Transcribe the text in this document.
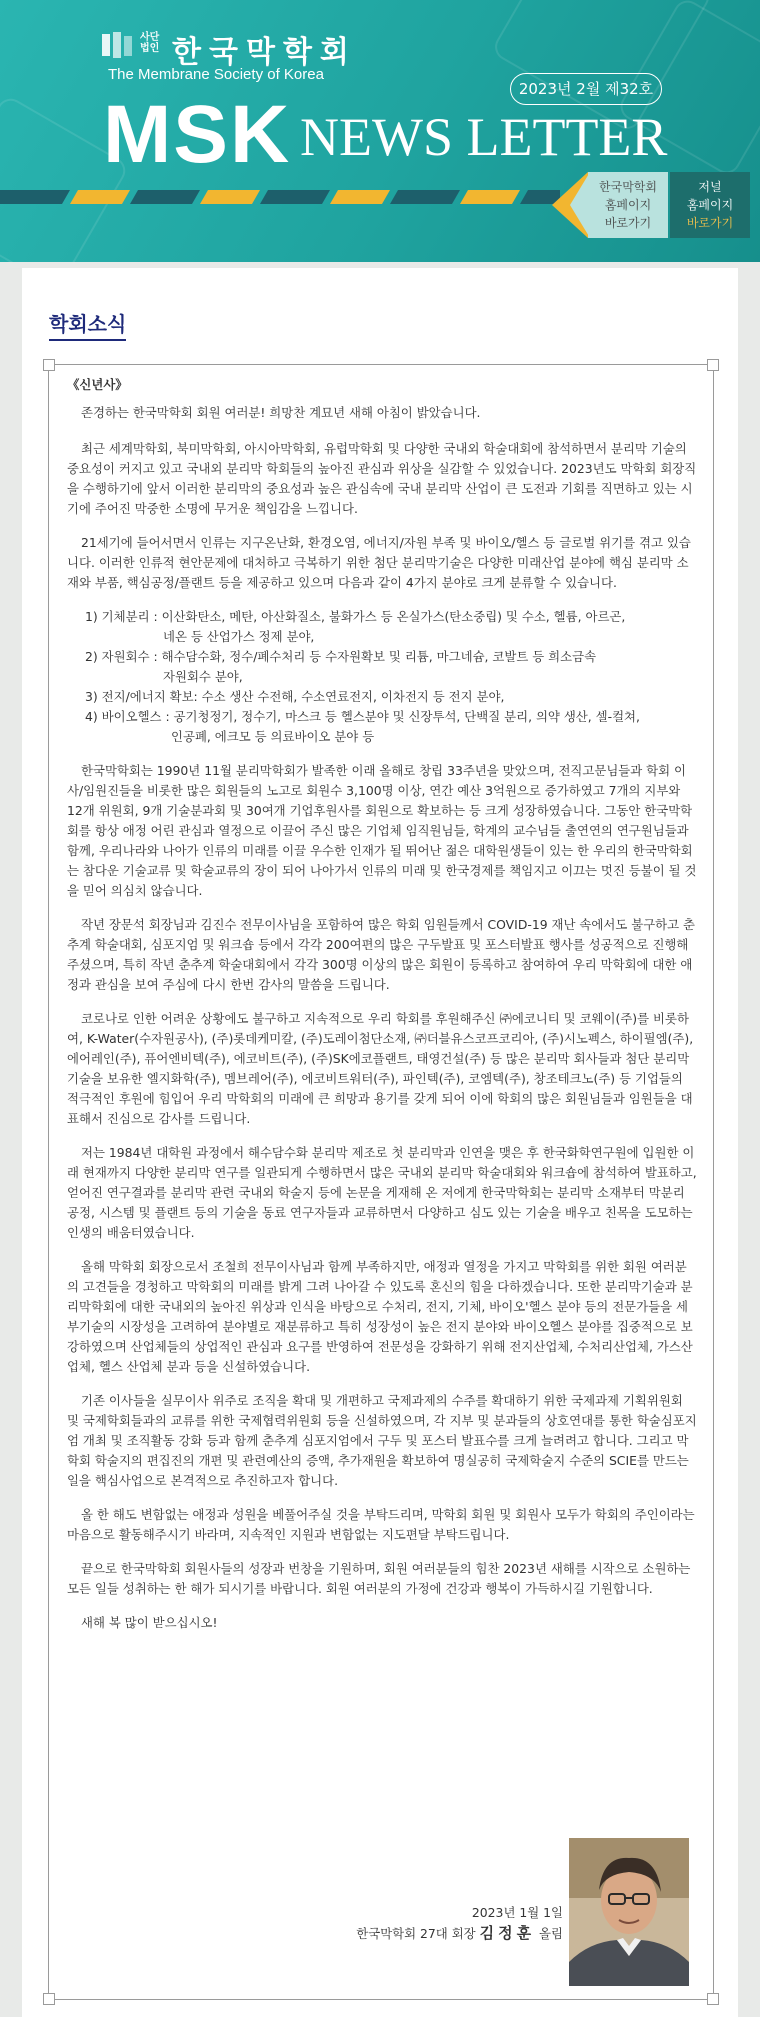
사단
법인 한국막학회
The Membrane Society of Korea
2023년 2월 제32호
MSK NEWS LETTER
한국막학회
홈페이지
바로가기
저널
홈페이지
바로가기
학회소식

《신년사》

존경하는 한국막학회 회원 여러분! 희망찬 계묘년 새해 아침이 밝았습니다.

최근 세계막학회, 북미막학회, 아시아막학회, 유럽막학회 및 다양한 국내외 학술대회에 참석하면서 분리막 기술의 중요성이 커지고 있고 국내외 분리막 학회들의 높아진 관심과 위상을 실감할 수 있었습니다. 2023년도 막학회 회장직을 수행하기에 앞서 이러한 분리막의 중요성과 높은 관심속에 국내 분리막 산업이 큰 도전과 기회를 직면하고 있는 시기에 주어진 막중한 소명에 무거운 책임감을 느낍니다.

21세기에 들어서면서 인류는 지구온난화, 환경오염, 에너지/자원 부족 및 바이오/헬스 등 글로벌 위기를 겪고 있습니다. 이러한 인류적 현안문제에 대처하고 극복하기 위한 첨단 분리막기술은 다양한 미래산업 분야에 핵심 분리막 소재와 부품, 핵심공정/플랜트 등을 제공하고 있으며 다음과 같이 4가지 분야로 크게 분류할 수 있습니다.

1) 기체분리 : 이산화탄소, 메탄, 아산화질소, 불화가스 등 온실가스(탄소중립) 및 수소, 헬륨, 아르곤,
네온 등 산업가스 정제 분야,
2) 자원회수 : 해수담수화, 정수/폐수처리 등 수자원확보 및 리튬, 마그네슘, 코발트 등 희소금속
자원회수 분야,
3) 전지/에너지 확보: 수소 생산 수전해, 수소연료전지, 이차전지 등 전지 분야,
4) 바이오헬스 : 공기청정기, 정수기, 마스크 등 헬스분야 및 신장투석, 단백질 분리, 의약 생산, 셀-컬쳐,
인공폐, 에크모 등 의료바이오 분야 등

한국막학회는 1990년 11월 분리막학회가 발족한 이래 올해로 창립 33주년을 맞았으며, 전직고문님들과 학회 이사/임원진들을 비롯한 많은 회원들의 노고로 회원수 3,100명 이상, 연간 예산 3억원으로 증가하였고 7개의 지부와 12개 위원회, 9개 기술분과회 및 30여개 기업후원사를 회원으로 확보하는 등 크게 성장하였습니다. 그동안 한국막학회를 항상 애정 어린 관심과 열정으로 이끌어 주신 많은 기업체 임직원님들, 학계의 교수님들 출연연의 연구원님들과 함께, 우리나라와 나아가 인류의 미래를 이끌 우수한 인재가 될 뛰어난 젊은 대학원생들이 있는 한 우리의 한국막학회는 참다운 기술교류 및 학술교류의 장이 되어 나아가서 인류의 미래 및 한국경제를 책임지고 이끄는 멋진 등불이 될 것을 믿어 의심치 않습니다.

작년 장문석 회장님과 김진수 전무이사님을 포함하여 많은 학회 임원들께서 COVID-19 재난 속에서도 불구하고 춘추계 학술대회, 심포지엄 및 워크숍 등에서 각각 200여편의 많은 구두발표 및 포스터발표 행사를 성공적으로 진행해 주셨으며, 특히 작년 춘추계 학술대회에서 각각 300명 이상의 많은 회원이 등록하고 참여하여 우리 막학회에 대한 애정과 관심을 보여 주심에 다시 한번 감사의 말씀을 드립니다.

코로나로 인한 어려운 상황에도 불구하고 지속적으로 우리 학회를 후원해주신 ㈜에코니티 및 코웨이(주)를 비롯하여, K-Water(수자원공사), (주)롯데케미칼, (주)도레이첨단소재, ㈜더블유스코프코리아, (주)시노펙스, 하이필엠(주), 에어레인(주), 퓨어엔비텍(주), 에코비트(주), (주)SK에코플랜트, 태영건설(주) 등 많은 분리막 회사들과 첨단 분리막 기술을 보유한 엘지화학(주), 멤브레어(주), 에코비트워터(주), 파인텍(주), 코엠텍(주), 창조테크노(주) 등 기업들의 적극적인 후원에 힘입어 우리 막학회의 미래에 큰 희망과 용기를 갖게 되어 이에 학회의 많은 회원님들과 임원들을 대표해서 진심으로 감사를 드립니다.

저는 1984년 대학원 과정에서 해수담수화 분리막 제조로 첫 분리막과 인연을 맺은 후 한국화학연구원에 입원한 이래 현재까지 다양한 분리막 연구를 일관되게 수행하면서 많은 국내외 분리막 학술대회와 워크숍에 참석하여 발표하고, 얻어진 연구결과를 분리막 관련 국내외 학술지 등에 논문을 게재해 온 저에게 한국막학회는 분리막 소재부터 막분리 공정, 시스템 및 플랜트 등의 기술을 동료 연구자들과 교류하면서 다양하고 심도 있는 기술을 배우고 친목을 도모하는 인생의 배움터였습니다.

올해 막학회 회장으로서 조철희 전무이사님과 함께 부족하지만, 애정과 열정을 가지고 막학회를 위한 회원 여러분의 고견들을 경청하고 막학회의 미래를 밝게 그려 나아갈 수 있도록 혼신의 힘을 다하겠습니다. 또한 분리막기술과 분리막학회에 대한 국내외의 높아진 위상과 인식을 바탕으로 수처리, 전지, 기체, 바이오'헬스 분야 등의 전문가들을 세부기술의 시장성을 고려하여 분야별로 재분류하고 특히 성장성이 높은 전지 분야와 바이오헬스 분야를 집중적으로 보강하였으며 산업체들의 상업적인 관심과 요구를 반영하여 전문성을 강화하기 위해 전지산업체, 수처리산업체, 가스산업체, 헬스 산업체 분과 등을 신설하였습니다.

기존 이사들을 실무이사 위주로 조직을 확대 및 개편하고 국제과제의 수주를 확대하기 위한 국제과제 기획위원회 및 국제학회들과의 교류를 위한 국제협력위원회 등을 신설하였으며, 각 지부 및 분과들의 상호연대를 통한 학술심포지엄 개최 및 조직활동 강화 등과 함께 춘추계 심포지엄에서 구두 및 포스터 발표수를 크게 늘려려고 합니다. 그리고 막학회 학술지의 편집진의 개편 및 관련예산의 증액, 추가재원을 확보하여 명실공히 국제학술지 수준의 SCIE를 만드는 일을 핵심사업으로 본격적으로 추진하고자 합니다.

올 한 해도 변함없는 애정과 성원을 베풀어주실 것을 부탁드리며, 막학회 회원 및 회원사 모두가 학회의 주인이라는 마음으로 활동해주시기 바라며, 지속적인 지원과 변함없는 지도편달 부탁드립니다.

끝으로 한국막학회 회원사들의 성장과 번창을 기원하며, 회원 여러분들의 힘찬 2023년 새해를 시작으로 소원하는 모든 일들 성취하는 한 해가 되시기를 바랍니다. 회원 여러분의 가정에 건강과 행복이 가득하시길 기원합니다.

새해 복 많이 받으십시오!

2023년 1월 1일
한국막학회 27대 회장 김정훈 올림
